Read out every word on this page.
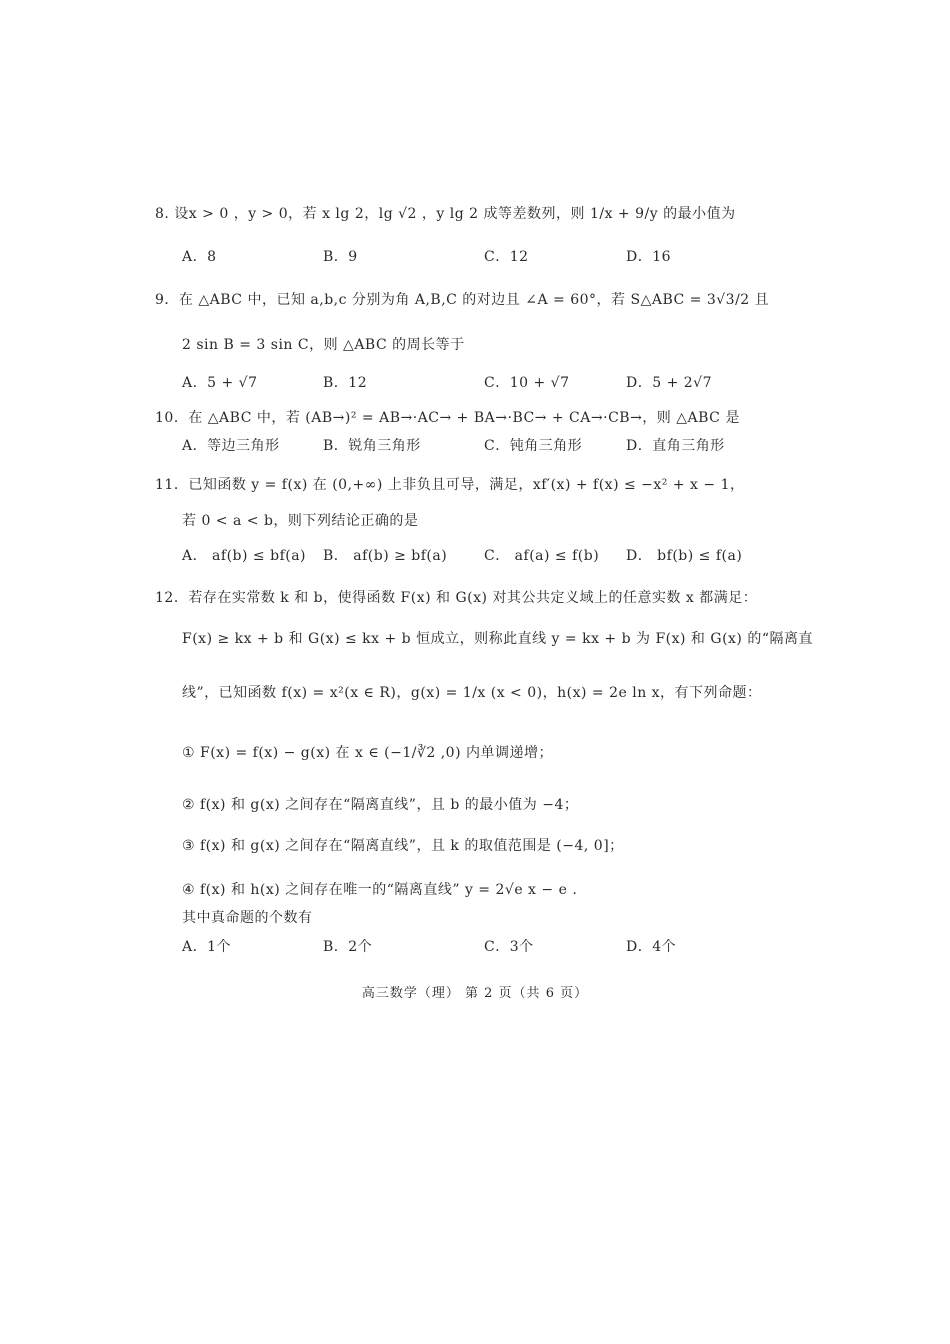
8. 设x > 0 ，y > 0，若 x lg 2，lg √2 ，y lg 2 成等差数列，则 1/x + 9/y 的最小值为
A．8	B．9	C．12	D．16
9．在 △ABC 中，已知 a,b,c 分别为角 A,B,C 的对边且 ∠A = 60°，若 S△ABC = 3√3/2 且
2 sin B = 3 sin C，则 △ABC 的周长等于
A．5 + √7	B．12	C．10 + √7	D．5 + 2√7
10．在 △ABC 中，若 (AB→)² = AB→·AC→ + BA→·BC→ + CA→·CB→，则 △ABC 是
A．等边三角形	B．锐角三角形	C．钝角三角形	D．直角三角形
11．已知函数 y = f(x) 在 (0,+∞) 上非负且可导，满足，xf′(x) + f(x) ≤ −x² + x − 1，
若 0 < a < b，则下列结论正确的是
A． af(b) ≤ bf(a) B． af(b) ≥ bf(a)	C． af(a) ≤ f(b) D． bf(b) ≤ f(a)
12．若存在实常数 k 和 b，使得函数 F(x) 和 G(x) 对其公共定义域上的任意实数 x 都满足：
F(x) ≥ kx + b 和 G(x) ≤ kx + b 恒成立，则称此直线 y = kx + b 为 F(x) 和 G(x) 的“隔离直
线”，已知函数 f(x) = x²(x ∈ R)，g(x) = 1/x (x < 0)，h(x) = 2e ln x，有下列命题：
① F(x) = f(x) − g(x) 在 x ∈ (−1/∛2 ,0) 内单调递增；
② f(x) 和 g(x) 之间存在“隔离直线”，且 b 的最小值为 −4；
③ f(x) 和 g(x) 之间存在“隔离直线”，且 k 的取值范围是 (−4, 0]；
④ f(x) 和 h(x) 之间存在唯一的“隔离直线” y = 2√e x − e .
其中真命题的个数有
A．1个	B．2个	C．3个	D．4个
高三数学（理） 第 2 页（共 6 页）
